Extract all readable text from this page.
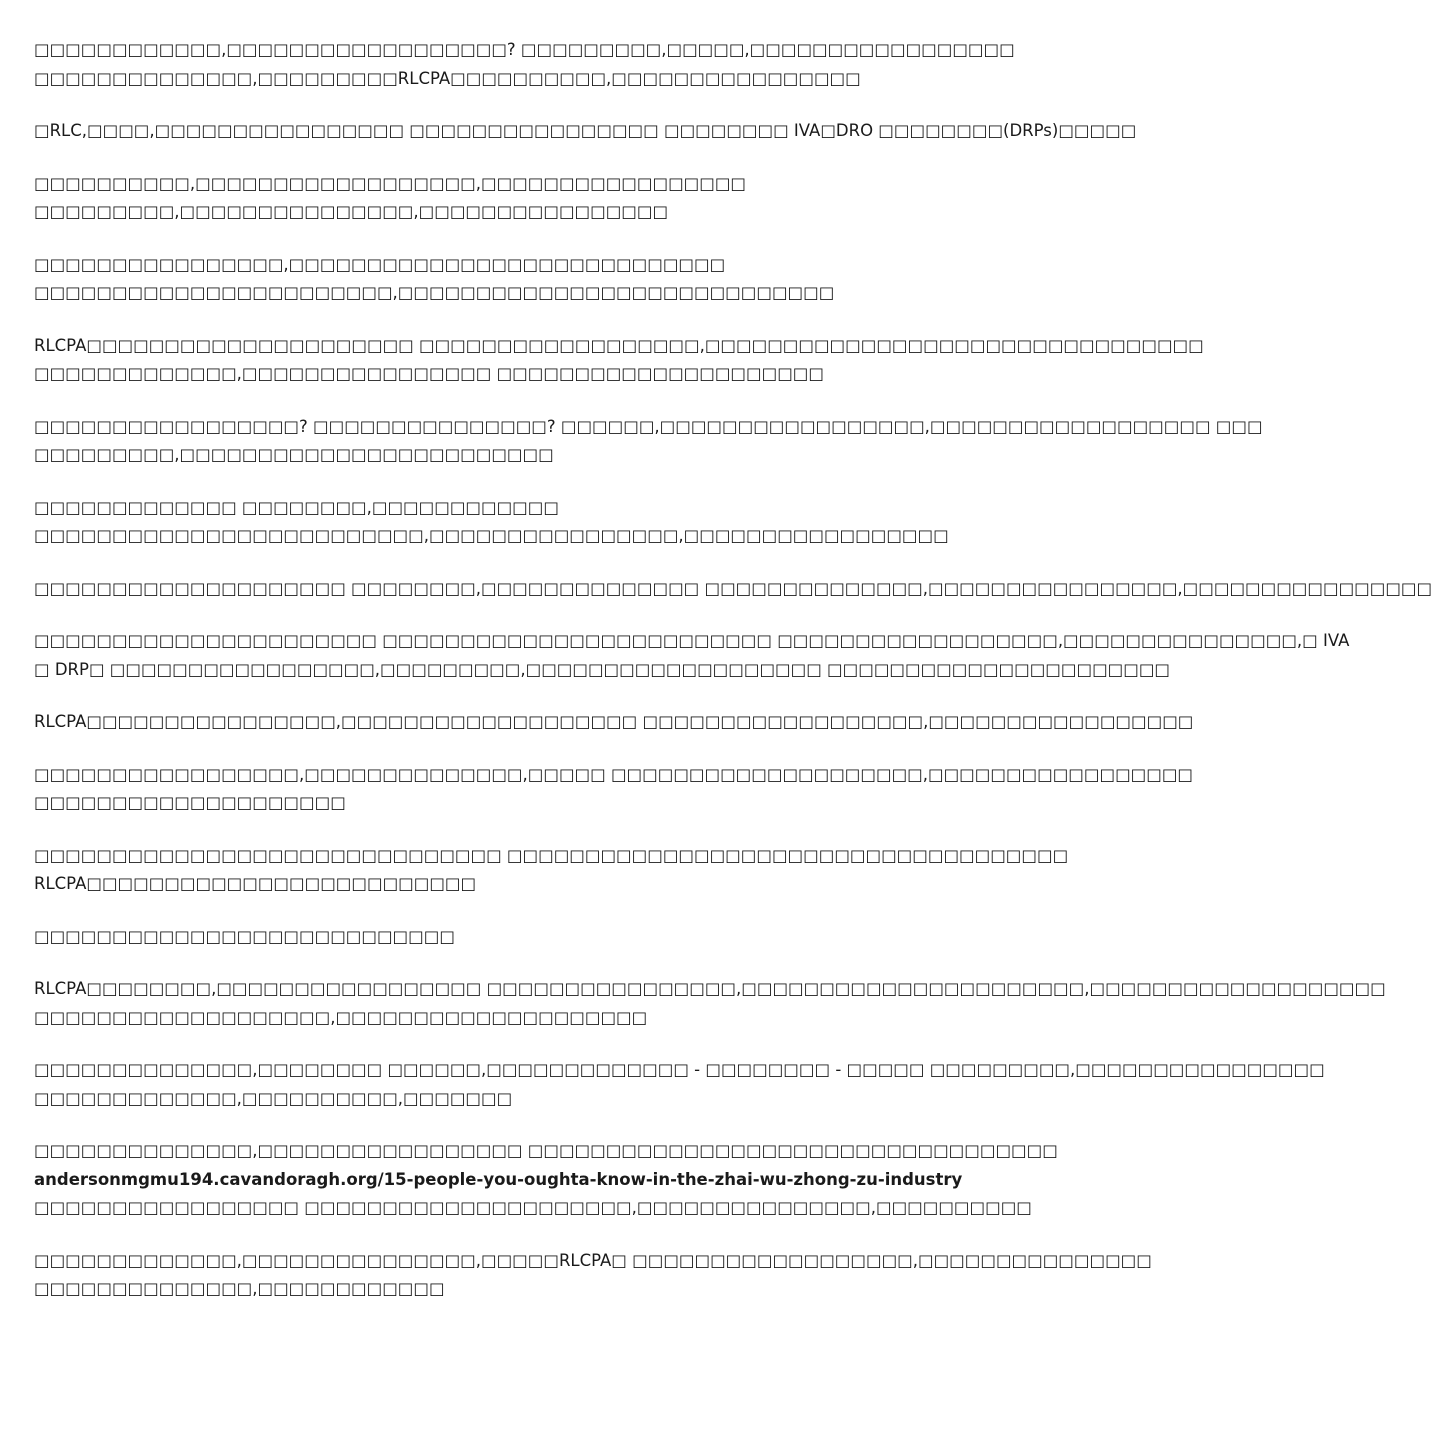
□□□□□□□□□□□□,□□□□□□□□□□□□□□□□□□? □□□□□□□□□,□□□□□,□□□□□□□□□□□□□□□□□
□□□□□□□□□□□□□□,□□□□□□□□□RLCPA□□□□□□□□□□,□□□□□□□□□□□□□□□□

□RLC,□□□□,□□□□□□□□□□□□□□□□ □□□□□□□□□□□□□□□□ □□□□□□□□ IVA□DRO □□□□□□□□(DRPs)□□□□□

□□□□□□□□□□,□□□□□□□□□□□□□□□□□□,□□□□□□□□□□□□□□□□□
□□□□□□□□□,□□□□□□□□□□□□□□□,□□□□□□□□□□□□□□□□

□□□□□□□□□□□□□□□□,□□□□□□□□□□□□□□□□□□□□□□□□□□□□
□□□□□□□□□□□□□□□□□□□□□□□,□□□□□□□□□□□□□□□□□□□□□□□□□□□□

RLCPA□□□□□□□□□□□□□□□□□□□□□ □□□□□□□□□□□□□□□□□□,□□□□□□□□□□□□□□□□□□□□□□□□□□□□□□□□
□□□□□□□□□□□□□,□□□□□□□□□□□□□□□□ □□□□□□□□□□□□□□□□□□□□□

□□□□□□□□□□□□□□□□□? □□□□□□□□□□□□□□□? □□□□□□,□□□□□□□□□□□□□□□□□,□□□□□□□□□□□□□□□□□□ □□□
□□□□□□□□□,□□□□□□□□□□□□□□□□□□□□□□□□

□□□□□□□□□□□□□ □□□□□□□□,□□□□□□□□□□□□
□□□□□□□□□□□□□□□□□□□□□□□□□,□□□□□□□□□□□□□□□□,□□□□□□□□□□□□□□□□□

□□□□□□□□□□□□□□□□□□□□ □□□□□□□□,□□□□□□□□□□□□□□ □□□□□□□□□□□□□□,□□□□□□□□□□□□□□□□,□□□□□□□□□□□□□□□□

□□□□□□□□□□□□□□□□□□□□□□ □□□□□□□□□□□□□□□□□□□□□□□□□ □□□□□□□□□□□□□□□□□□,□□□□□□□□□□□□□□□,□ IVA
□ DRP□ □□□□□□□□□□□□□□□□□,□□□□□□□□□,□□□□□□□□□□□□□□□□□□□ □□□□□□□□□□□□□□□□□□□□□□

RLCPA□□□□□□□□□□□□□□□□,□□□□□□□□□□□□□□□□□□□ □□□□□□□□□□□□□□□□□□,□□□□□□□□□□□□□□□□□

□□□□□□□□□□□□□□□□□,□□□□□□□□□□□□□□,□□□□□ □□□□□□□□□□□□□□□□□□□□,□□□□□□□□□□□□□□□□□
□□□□□□□□□□□□□□□□□□□□

□□□□□□□□□□□□□□□□□□□□□□□□□□□□□□ □□□□□□□□□□□□□□□□□□□□□□□□□□□□□□□□□□□□
RLCPA□□□□□□□□□□□□□□□□□□□□□□□□□

□□□□□□□□□□□□□□□□□□□□□□□□□□□

RLCPA□□□□□□□□,□□□□□□□□□□□□□□□□□ □□□□□□□□□□□□□□□□,□□□□□□□□□□□□□□□□□□□□□□,□□□□□□□□□□□□□□□□□□□
□□□□□□□□□□□□□□□□□□□,□□□□□□□□□□□□□□□□□□□□

□□□□□□□□□□□□□□,□□□□□□□□ □□□□□□,□□□□□□□□□□□□□ - □□□□□□□□ - □□□□□ □□□□□□□□□,□□□□□□□□□□□□□□□□
□□□□□□□□□□□□□,□□□□□□□□□□,□□□□□□□

□□□□□□□□□□□□□□,□□□□□□□□□□□□□□□□□ □□□□□□□□□□□□□□□□□□□□□□□□□□□□□□□□□□
andersonmgmu194.cavandoragh.org/15-people-you-oughta-know-in-the-zhai-wu-zhong-zu-industry
□□□□□□□□□□□□□□□□□ □□□□□□□□□□□□□□□□□□□□□,□□□□□□□□□□□□□□□,□□□□□□□□□□

□□□□□□□□□□□□□,□□□□□□□□□□□□□□□,□□□□□RLCPA□ □□□□□□□□□□□□□□□□□□,□□□□□□□□□□□□□□□
□□□□□□□□□□□□□□,□□□□□□□□□□□□
